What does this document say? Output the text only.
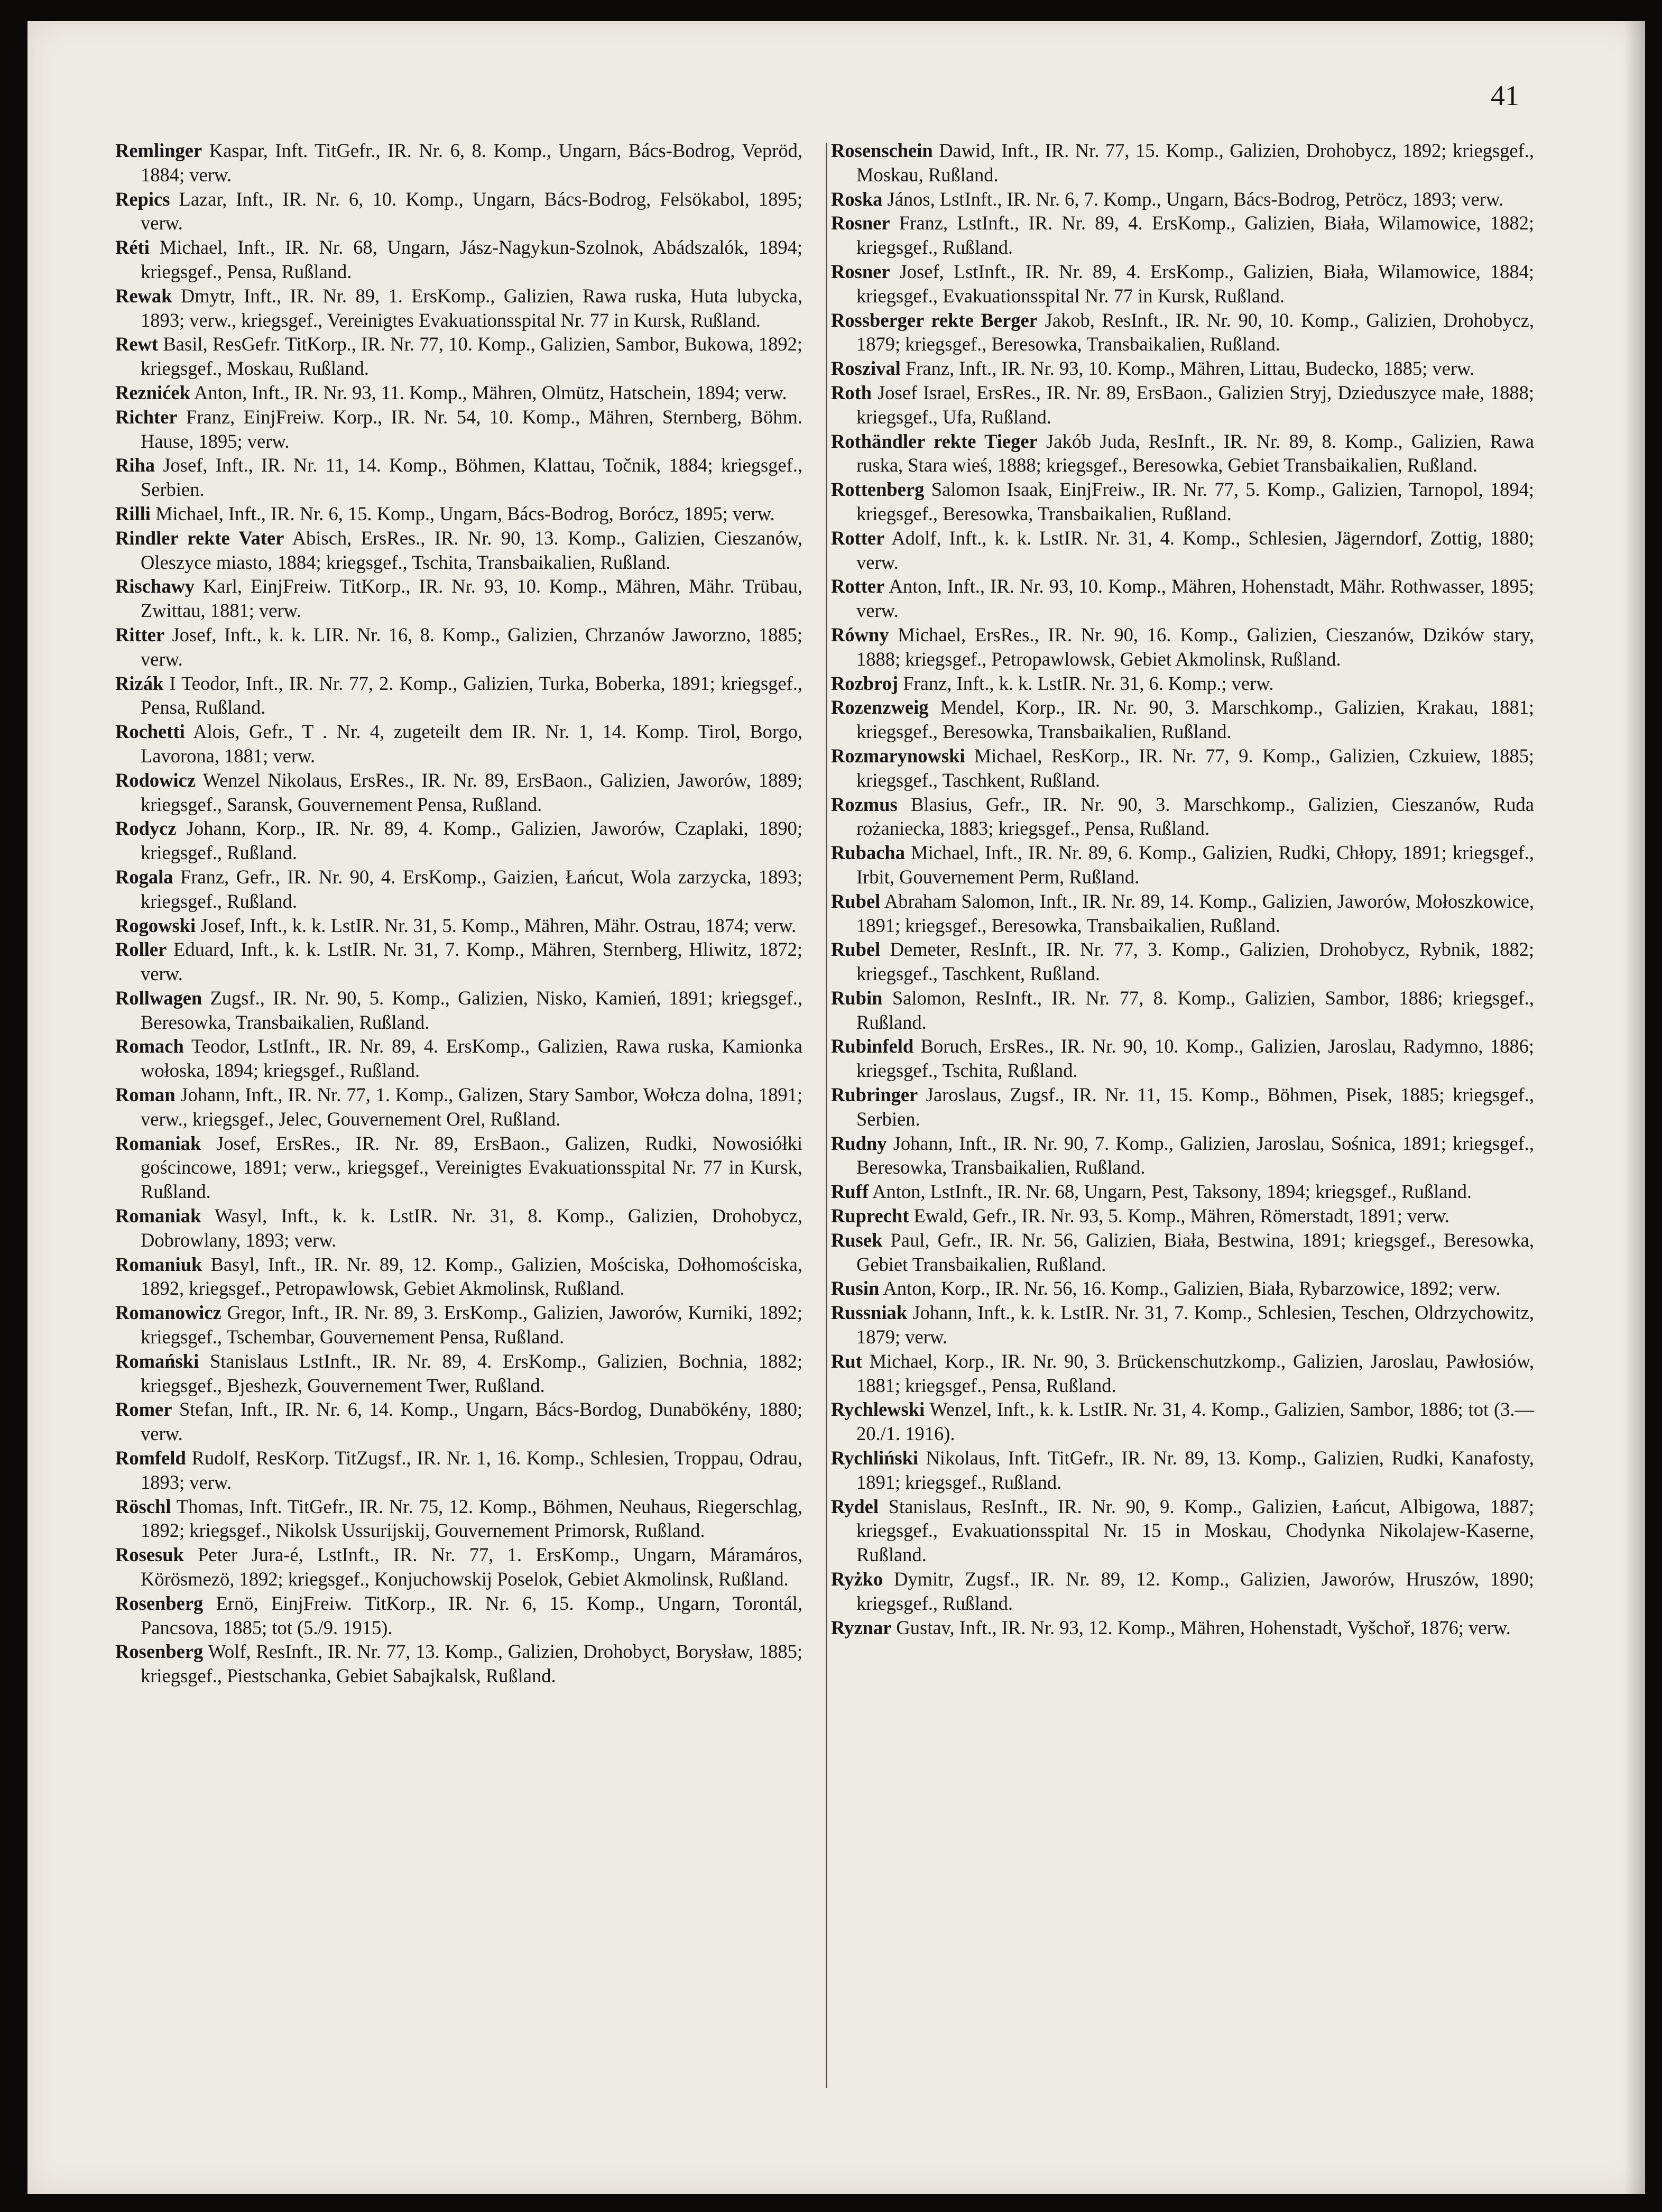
41

Remlinger Kaspar, Inft. TitGefr., IR. Nr. 6, 8. Komp., Ungarn, Bács-Bodrog, Vepröd, 1884; verw.

Repics Lazar, Inft., IR. Nr. 6, 10. Komp., Ungarn, Bács-Bodrog, Felsökabol, 1895; verw.

Réti Michael, Inft., IR. Nr. 68, Ungarn, Jász-Nagykun-Szolnok, Abádszalók, 1894; kriegsgef., Pensa, Rußland.

Rewak Dmytr, Inft., IR. Nr. 89, 1. ErsKomp., Galizien, Rawa ruska, Huta lubycka, 1893; verw., kriegsgef., Vereinigtes Evakuationsspital Nr. 77 in Kursk, Rußland.

Rewt Basil, ResGefr. TitKorp., IR. Nr. 77, 10. Komp., Galizien, Sambor, Bukowa, 1892; kriegsgef., Moskau, Rußland.

Reznićek Anton, Inft., IR. Nr. 93, 11. Komp., Mähren, Olmütz, Hatschein, 1894; verw.

Richter Franz, EinjFreiw. Korp., IR. Nr. 54, 10. Komp., Mähren, Sternberg, Böhm. Hause, 1895; verw.

Riha Josef, Inft., IR. Nr. 11, 14. Komp., Böhmen, Klattau, Točnik, 1884; kriegsgef., Serbien.

Rilli Michael, Inft., IR. Nr. 6, 15. Komp., Ungarn, Bács-Bodrog, Borócz, 1895; verw.

Rindler rekte Vater Abisch, ErsRes., IR. Nr. 90, 13. Komp., Galizien, Cieszanów, Oleszyce miasto, 1884; kriegsgef., Tschita, Transbaikalien, Rußland.

Rischawy Karl, EinjFreiw. TitKorp., IR. Nr. 93, 10. Komp., Mähren, Mähr. Trübau, Zwittau, 1881; verw.

Ritter Josef, Inft., k. k. LIR. Nr. 16, 8. Komp., Galizien, Chrzanów Jaworzno, 1885; verw.

Rizák I Teodor, Inft., IR. Nr. 77, 2. Komp., Galizien, Turka, Boberka, 1891; kriegsgef., Pensa, Rußland.

Rochetti Alois, Gefr., T . Nr. 4, zugeteilt dem IR. Nr. 1, 14. Komp. Tirol, Borgo, Lavorona, 1881; verw.

Rodowicz Wenzel Nikolaus, ErsRes., IR. Nr. 89, ErsBaon., Galizien, Jaworów, 1889; kriegsgef., Saransk, Gouvernement Pensa, Rußland.

Rodycz Johann, Korp., IR. Nr. 89, 4. Komp., Galizien, Jaworów, Czaplaki, 1890; kriegsgef., Rußland.

Rogala Franz, Gefr., IR. Nr. 90, 4. ErsKomp., Gaizien, Łańcut, Wola zarzycka, 1893; kriegsgef., Rußland.

Rogowski Josef, Inft., k. k. LstIR. Nr. 31, 5. Komp., Mähren, Mähr. Ostrau, 1874; verw.

Roller Eduard, Inft., k. k. LstIR. Nr. 31, 7. Komp., Mähren, Sternberg, Hliwitz, 1872; verw.

Rollwagen Zugsf., IR. Nr. 90, 5. Komp., Galizien, Nisko, Kamień, 1891; kriegsgef., Beresowka, Transbaikalien, Rußland.

Romach Teodor, LstInft., IR. Nr. 89, 4. ErsKomp., Galizien, Rawa ruska, Kamionka wołoska, 1894; kriegsgef., Rußland.

Roman Johann, Inft., IR. Nr. 77, 1. Komp., Galizen, Stary Sambor, Wołcza dolna, 1891; verw., kriegsgef., Jelec, Gouvernement Orel, Rußland.

Romaniak Josef, ErsRes., IR. Nr. 89, ErsBaon., Galizen, Rudki, Nowosiółki gościncowe, 1891; verw., kriegsgef., Vereinigtes Evakuationsspital Nr. 77 in Kursk, Rußland.

Romaniak Wasyl, Inft., k. k. LstIR. Nr. 31, 8. Komp., Galizien, Drohobycz, Dobrowlany, 1893; verw.

Romaniuk Basyl, Inft., IR. Nr. 89, 12. Komp., Galizien, Mościska, Dołhomościska, 1892, kriegsgef., Petropawlowsk, Gebiet Akmolinsk, Rußland.

Romanowicz Gregor, Inft., IR. Nr. 89, 3. ErsKomp., Galizien, Jaworów, Kurniki, 1892; kriegsgef., Tschembar, Gouvernement Pensa, Rußland.

Romański Stanislaus LstInft., IR. Nr. 89, 4. ErsKomp., Galizien, Bochnia, 1882; kriegsgef., Bjeshezk, Gouvernement Twer, Rußland.

Romer Stefan, Inft., IR. Nr. 6, 14. Komp., Ungarn, Bács-Bordog, Dunabökény, 1880; verw.

Romfeld Rudolf, ResKorp. TitZugsf., IR. Nr. 1, 16. Komp., Schlesien, Troppau, Odrau, 1893; verw.

Röschl Thomas, Inft. TitGefr., IR. Nr. 75, 12. Komp., Böhmen, Neuhaus, Riegerschlag, 1892; kriegsgef., Nikolsk Ussurijskij, Gouvernement Primorsk, Rußland.

Rosesuk Peter Jura-é, LstInft., IR. Nr. 77, 1. ErsKomp., Ungarn, Máramáros, Körösmezö, 1892; kriegsgef., Konjuchowskij Poselok, Gebiet Akmolinsk, Rußland.

Rosenberg Ernö, EinjFreiw. TitKorp., IR. Nr. 6, 15. Komp., Ungarn, Torontál, Pancsova, 1885; tot (5./9. 1915).

Rosenberg Wolf, ResInft., IR. Nr. 77, 13. Komp., Galizien, Drohobyct, Borysław, 1885; kriegsgef., Piestschanka, Gebiet Sabajkalsk, Rußland.

Rosenschein Dawid, Inft., IR. Nr. 77, 15. Komp., Galizien, Drohobycz, 1892; kriegsgef., Moskau, Rußland.

Roska János, LstInft., IR. Nr. 6, 7. Komp., Ungarn, Bács-Bodrog, Petröcz, 1893; verw.

Rosner Franz, LstInft., IR. Nr. 89, 4. ErsKomp., Galizien, Biała, Wilamowice, 1882; kriegsgef., Rußland.

Rosner Josef, LstInft., IR. Nr. 89, 4. ErsKomp., Galizien, Biała, Wilamowice, 1884; kriegsgef., Evakuationsspital Nr. 77 in Kursk, Rußland.

Rossberger rekte Berger Jakob, ResInft., IR. Nr. 90, 10. Komp., Galizien, Drohobycz, 1879; kriegsgef., Beresowka, Transbaikalien, Rußland.

Roszival Franz, Inft., IR. Nr. 93, 10. Komp., Mähren, Littau, Budecko, 1885; verw.

Roth Josef Israel, ErsRes., IR. Nr. 89, ErsBaon., Galizien Stryj, Dzieduszyce małe, 1888; kriegsgef., Ufa, Rußland.

Rothändler rekte Tieger Jakób Juda, ResInft., IR. Nr. 89, 8. Komp., Galizien, Rawa ruska, Stara wieś, 1888; kriegsgef., Beresowka, Gebiet Transbaikalien, Rußland.

Rottenberg Salomon Isaak, EinjFreiw., IR. Nr. 77, 5. Komp., Galizien, Tarnopol, 1894; kriegsgef., Beresowka, Transbaikalien, Rußland.

Rotter Adolf, Inft., k. k. LstIR. Nr. 31, 4. Komp., Schlesien, Jägerndorf, Zottig, 1880; verw.

Rotter Anton, Inft., IR. Nr. 93, 10. Komp., Mähren, Hohenstadt, Mähr. Rothwasser, 1895; verw.

Równy Michael, ErsRes., IR. Nr. 90, 16. Komp., Galizien, Cieszanów, Dzików stary, 1888; kriegsgef., Petropawlowsk, Gebiet Akmolinsk, Rußland.

Rozbroj Franz, Inft., k. k. LstIR. Nr. 31, 6. Komp.; verw.

Rozenzweig Mendel, Korp., IR. Nr. 90, 3. Marschkomp., Galizien, Krakau, 1881; kriegsgef., Beresowka, Transbaikalien, Rußland.

Rozmarynowski Michael, ResKorp., IR. Nr. 77, 9. Komp., Galizien, Czkuiew, 1885; kriegsgef., Taschkent, Rußland.

Rozmus Blasius, Gefr., IR. Nr. 90, 3. Marschkomp., Galizien, Cieszanów, Ruda rożaniecka, 1883; kriegsgef., Pensa, Rußland.

Rubacha Michael, Inft., IR. Nr. 89, 6. Komp., Galizien, Rudki, Chłopy, 1891; kriegsgef., Irbit, Gouvernement Perm, Rußland.

Rubel Abraham Salomon, Inft., IR. Nr. 89, 14. Komp., Galizien, Jaworów, Mołoszkowice, 1891; kriegsgef., Beresowka, Transbaikalien, Rußland.

Rubel Demeter, ResInft., IR. Nr. 77, 3. Komp., Galizien, Drohobycz, Rybnik, 1882; kriegsgef., Taschkent, Rußland.

Rubin Salomon, ResInft., IR. Nr. 77, 8. Komp., Galizien, Sambor, 1886; kriegsgef., Rußland.

Rubinfeld Boruch, ErsRes., IR. Nr. 90, 10. Komp., Galizien, Jaroslau, Radymno, 1886; kriegsgef., Tschita, Rußland.

Rubringer Jaroslaus, Zugsf., IR. Nr. 11, 15. Komp., Böhmen, Pisek, 1885; kriegsgef., Serbien.

Rudny Johann, Inft., IR. Nr. 90, 7. Komp., Galizien, Jaroslau, Sośnica, 1891; kriegsgef., Beresowka, Transbaikalien, Rußland.

Ruff Anton, LstInft., IR. Nr. 68, Ungarn, Pest, Taksony, 1894; kriegsgef., Rußland.

Ruprecht Ewald, Gefr., IR. Nr. 93, 5. Komp., Mähren, Römerstadt, 1891; verw.

Rusek Paul, Gefr., IR. Nr. 56, Galizien, Biała, Bestwina, 1891; kriegsgef., Beresowka, Gebiet Transbaikalien, Rußland.

Rusin Anton, Korp., IR. Nr. 56, 16. Komp., Galizien, Biała, Rybarzowice, 1892; verw.

Russniak Johann, Inft., k. k. LstIR. Nr. 31, 7. Komp., Schlesien, Teschen, Oldrzychowitz, 1879; verw.

Rut Michael, Korp., IR. Nr. 90, 3. Brückenschutzkomp., Galizien, Jaroslau, Pawłosiów, 1881; kriegsgef., Pensa, Rußland.

Rychlewski Wenzel, Inft., k. k. LstIR. Nr. 31, 4. Komp., Galizien, Sambor, 1886; tot (3.—20./1. 1916).

Rychliński Nikolaus, Inft. TitGefr., IR. Nr. 89, 13. Komp., Galizien, Rudki, Kanafosty, 1891; kriegsgef., Rußland.

Rydel Stanislaus, ResInft., IR. Nr. 90, 9. Komp., Galizien, Łańcut, Albigowa, 1887; kriegsgef., Evakuationsspital Nr. 15 in Moskau, Chodynka Nikolajew-Kaserne, Rußland.

Ryżko Dymitr, Zugsf., IR. Nr. 89, 12. Komp., Galizien, Jaworów, Hruszów, 1890; kriegsgef., Rußland.

Ryznar Gustav, Inft., IR. Nr. 93, 12. Komp., Mähren, Hohenstadt, Vyšchoř, 1876; verw.
